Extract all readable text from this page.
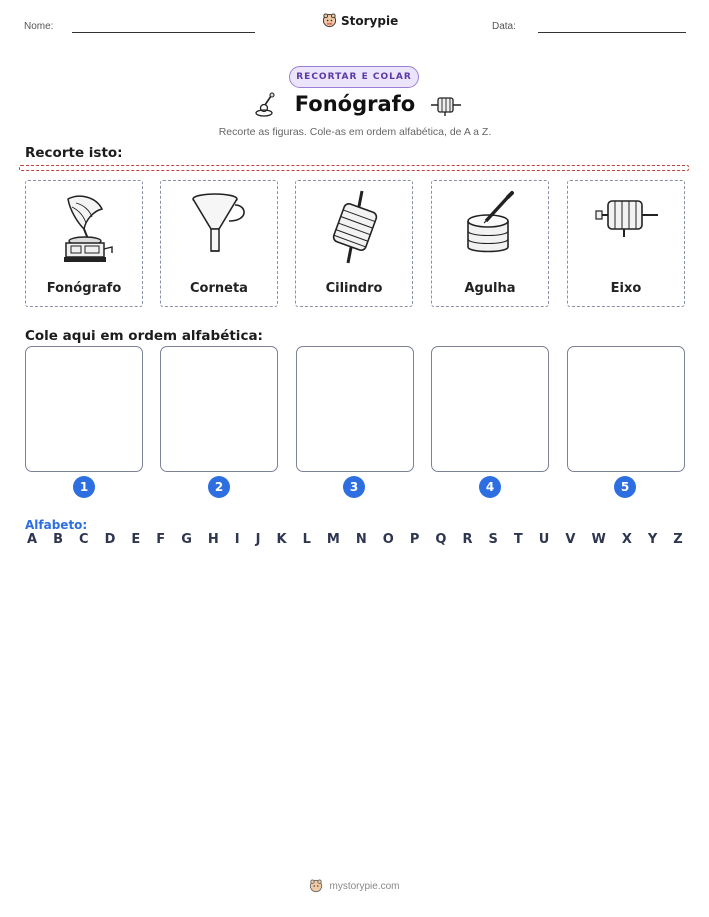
Nome:	Storypie	Data:
RECORTAR E COLAR
Fonógrafo
Recorte as figuras. Cole-as em ordem alfabética, de A a Z.
Recorte isto:
Fonógrafo	Corneta	Cilindro	Agulha	Eixo
Cole aqui em ordem alfabética:
1	2	3	4	5
Alfabeto:
A B C D E F G H I J K L M N O P Q R S T U V W X Y Z
mystorypie.com
